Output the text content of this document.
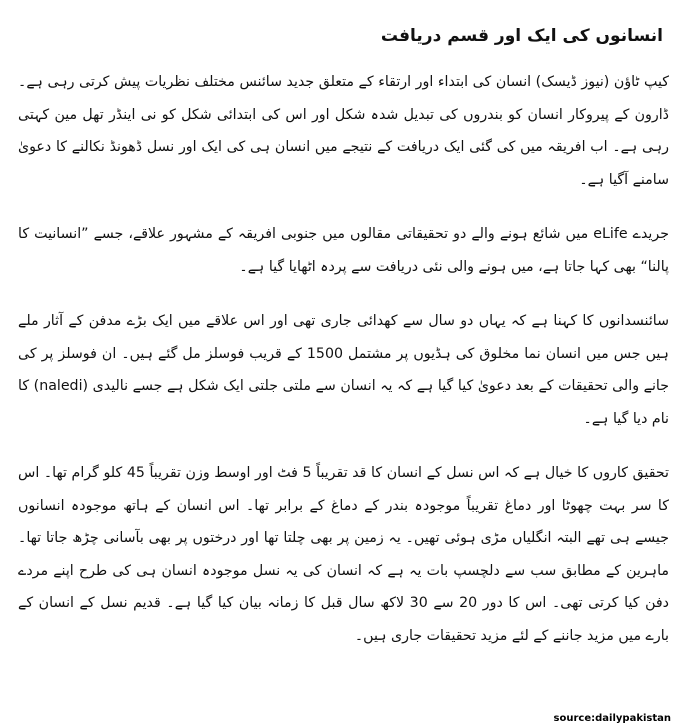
انسانوں کی ایک اور قسم دریافت
کیپ ٹاؤن (نیوز ڈیسک) انسان کی ابتداء اور ارتقاء کے متعلق جدید سائنس مختلف نظریات پیش کرتی رہی ہے۔ ڈارون کے پیروکار انسان کو بندروں کی تبدیل شدہ شکل اور اس کی ابتدائی شکل کو نی اینڈر تھل مین کہتی رہی ہے۔ اب افریقہ میں کی گئی ایک دریافت کے نتیجے میں انسان ہی کی ایک اور نسل ڈھونڈ نکالنے کا دعویٰ سامنے آگیا ہے۔
جریدے eLife میں شائع ہونے والے دو تحقیقاتی مقالوں میں جنوبی افریقہ کے مشہور علاقے، جسے ”انسانیت کا پالنا“ بھی کہا جاتا ہے، میں ہونے والی نئی دریافت سے پردہ اٹھایا گیا ہے۔
سائنسدانوں کا کہنا ہے کہ یہاں دو سال سے کھدائی جاری تھی اور اس علاقے میں ایک بڑے مدفن کے آثار ملے ہیں جس میں انسان نما مخلوق کی ہڈیوں پر مشتمل 1500 کے قریب فوسلز مل گئے ہیں۔ ان فوسلز پر کی جانے والی تحقیقات کے بعد دعویٰ کیا گیا ہے کہ یہ انسان سے ملتی جلتی ایک شکل ہے جسے نالیدی (naledi) کا نام دیا گیا ہے۔
تحقیق کاروں کا خیال ہے کہ اس نسل کے انسان کا قد تقریباً 5 فٹ اور اوسط وزن تقریباً 45 کلو گرام تھا۔ اس کا سر بہت چھوٹا اور دماغ تقریباً موجودہ بندر کے دماغ کے برابر تھا۔ اس انسان کے ہاتھ موجودہ انسانوں جیسے ہی تھے البتہ انگلیاں مڑی ہوئی تھیں۔ یہ زمین پر بھی چلتا تھا اور درختوں پر بھی بآسانی چڑھ جاتا تھا۔ ماہرین کے مطابق سب سے دلچسپ بات یہ ہے کہ انسان کی یہ نسل موجودہ انسان ہی کی طرح اپنے مردے دفن کیا کرتی تھی۔ اس کا دور 20 سے 30 لاکھ سال قبل کا زمانہ بیان کیا گیا ہے۔ قدیم نسل کے انسان کے بارے میں مزید جاننے کے لئے مزید تحقیقات جاری ہیں۔
source:dailypakistan
